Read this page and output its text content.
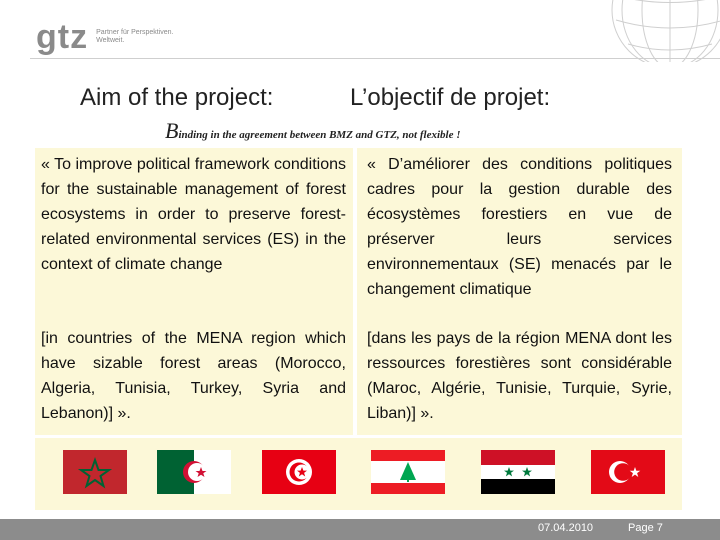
gtz Partner für Perspektiven.
Weltweit.
Aim of the project:	L’objectif de projet:
Binding in the agreement between BMZ and GTZ, not flexible !
« To improve political framework conditions for the sustainable management of forest ecosystems in order to preserve forest-related environmental services (ES) in the context of climate change
[in countries of the MENA region which have sizable forest areas (Morocco, Algeria, Tunisia, Turkey, Syria and Lebanon)] ».
« D’améliorer des conditions politiques cadres pour la gestion durable des écosystèmes forestiers en vue de préserver leurs services environnementaux (SE) menacés par le changement climatique
[dans les pays de la région MENA dont les ressources forestières sont considérable (Maroc, Algérie, Tunisie, Turquie, Syrie, Liban)] ».
07.04.2010	Page 7
